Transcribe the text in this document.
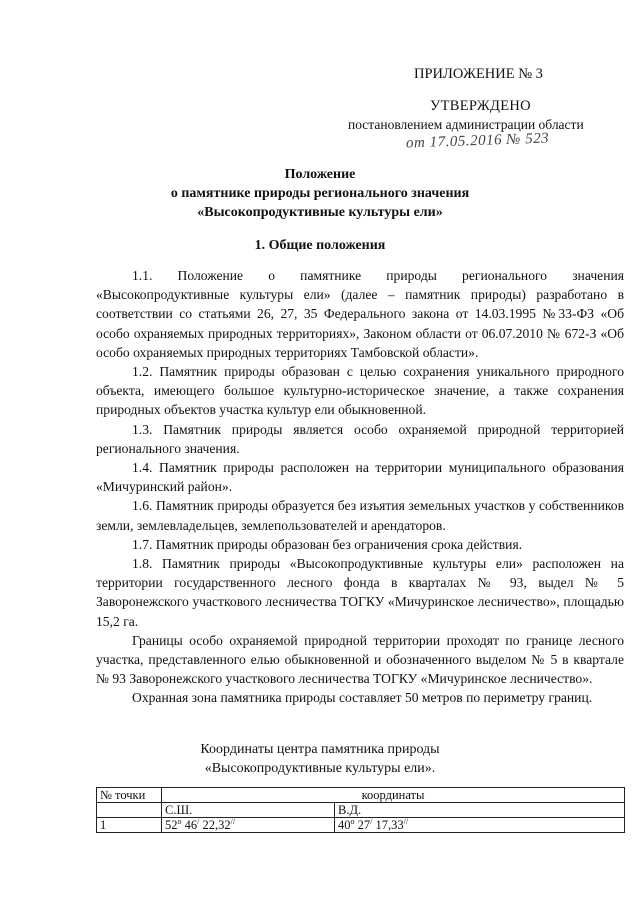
ПРИЛОЖЕНИЕ № 3
УТВЕРЖДЕНО
постановлением администрации области
от 17.05.2016 № 523
Положение
о памятнике природы регионального значения
«Высокопродуктивные культуры ели»
1. Общие положения

1.1. Положение о памятнике природы регионального значения «Высокопродуктивные культуры ели» (далее – памятник природы) разработано в соответствии со статьями 26, 27, 35 Федерального закона от 14.03.1995 №33-ФЗ «Об особо охраняемых природных территориях», Законом области от 06.07.2010 № 672-З «Об особо охраняемых природных территориях Тамбовской области».

1.2. Памятник природы образован с целью сохранения уникального природного объекта, имеющего большое культурно-историческое значение, а также сохранения природных объектов участка культур ели обыкновенной.

1.3. Памятник природы является особо охраняемой природной территорией регионального значения.

1.4. Памятник природы расположен на территории муниципального образования «Мичуринский район».

1.6. Памятник природы образуется без изъятия земельных участков у собственников земли, землевладельцев, землепользователей и арендаторов.

1.7. Памятник природы образован без ограничения срока действия.

1.8. Памятник природы «Высокопродуктивные культуры ели» расположен на территории государственного лесного фонда в кварталах № 93, выдел № 5 Заворонежского участкового лесничества ТОГКУ «Мичуринское лесничество», площадью 15,2 га.

Границы особо охраняемой природной территории проходят по границе лесного участка, представленного елью обыкновенной и обозначенного выделом № 5 в квартале № 93 Заворонежского участкового лесничества ТОГКУ «Мичуринское лесничество».

Охранная зона памятника природы составляет 50 метров по периметру границ.

Координаты центра памятника природы
«Высокопродуктивные культуры ели».
№ точки	координаты	
	С.Ш.	В.Д.
1	$52^о$ 46/ 22,32//	$40^о$ 27/ 17,33//
